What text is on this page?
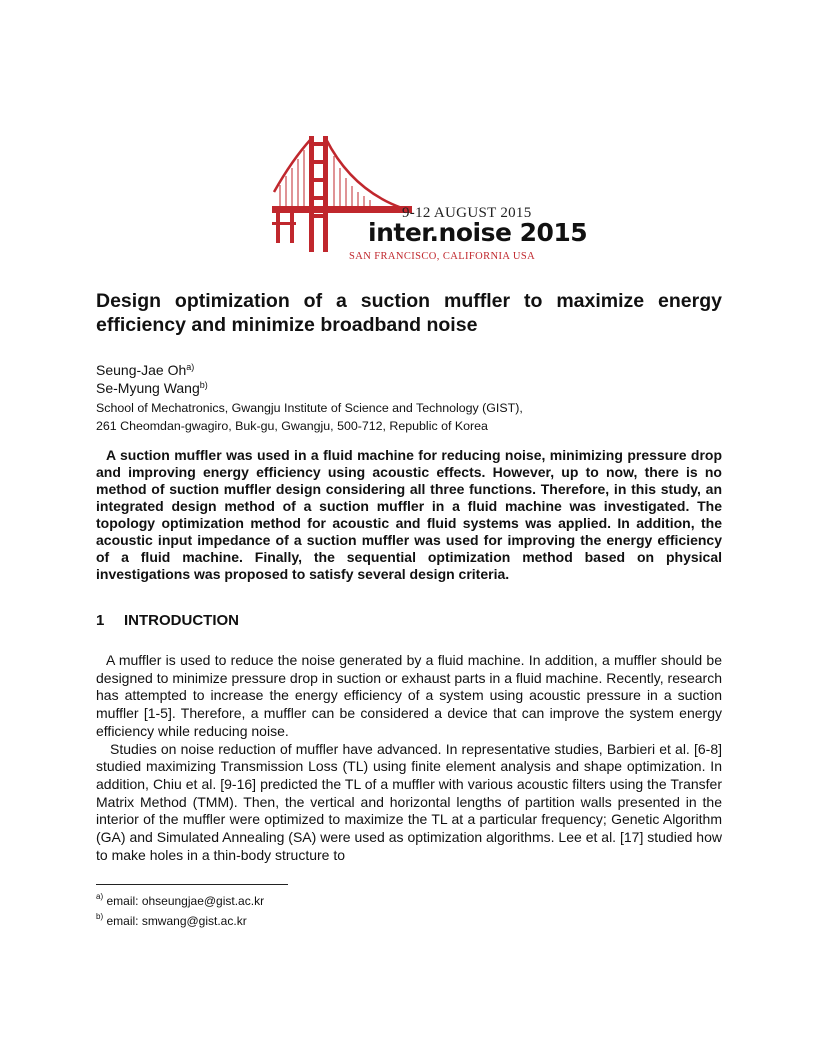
9-12 AUGUST 2015
inter.noise 2015
SAN FRANCISCO, CALIFORNIA USA
Design optimization of a suction muffler to maximize energy efficiency and minimize broadband noise
Seung-Jae Oh$^{a)}$
Se-Myung Wang$^{b)}$
School of Mechatronics, Gwangju Institute of Science and Technology (GIST),
261 Cheomdan-gwagiro, Buk-gu, Gwangju, 500-712, Republic of Korea

A suction muffler was used in a fluid machine for reducing noise, minimizing pressure drop and improving energy efficiency using acoustic effects. However, up to now, there is no method of suction muffler design considering all three functions. Therefore, in this study, an integrated design method of a suction muffler in a fluid machine was investigated. The topology optimization method for acoustic and fluid systems was applied. In addition, the acoustic input impedance of a suction muffler was used for improving the energy efficiency of a fluid machine. Finally, the sequential optimization method based on physical investigations was proposed to satisfy several design criteria.

1 INTRODUCTION

A muffler is used to reduce the noise generated by a fluid machine. In addition, a muffler should be designed to minimize pressure drop in suction or exhaust parts in a fluid machine. Recently, research has attempted to increase the energy efficiency of a system using acoustic pressure in a suction muffler [1-5]. Therefore, a muffler can be considered a device that can improve the system energy efficiency while reducing noise.

Studies on noise reduction of muffler have advanced. In representative studies, Barbieri et al. [6-8] studied maximizing Transmission Loss (TL) using finite element analysis and shape optimization. In addition, Chiu et al. [9-16] predicted the TL of a muffler with various acoustic filters using the Transfer Matrix Method (TMM). Then, the vertical and horizontal lengths of partition walls presented in the interior of the muffler were optimized to maximize the TL at a particular frequency; Genetic Algorithm (GA) and Simulated Annealing (SA) were used as optimization algorithms. Lee et al. [17] studied how to make holes in a thin-body structure to

$^{a)}$ email: ohseungjae@gist.ac.kr
$^{b)}$ email: smwang@gist.ac.kr
